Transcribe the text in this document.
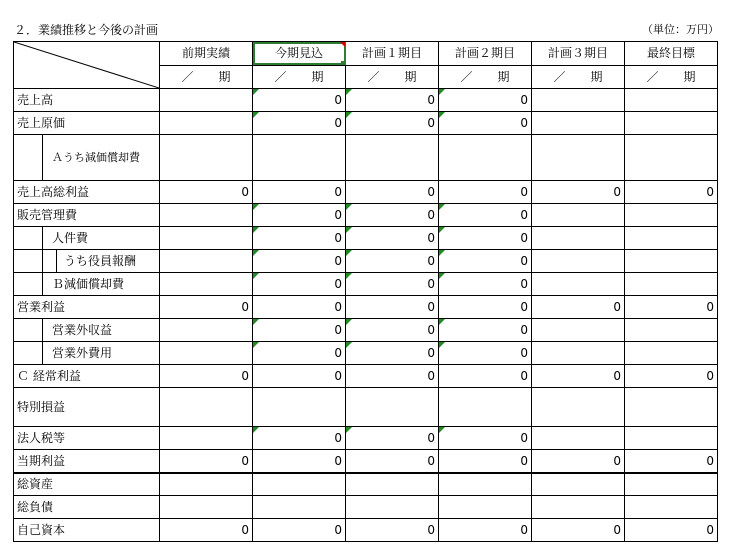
２．業績推移と今後の計画	（単位：万円）
	前期実績	今期見込	計画１期目	計画２期目	計画３期目	最終目標

	／ 期	／ 期	／ 期	／ 期	／ 期	／ 期

売上高		0	0	0

売上原価		0	0	0

Ａうち減価償却費						
売上高総利益	0	0	0	0	0	0
販売管理費		0	0	0

人件費		0	0	0

うち役員報酬		0	0	0

Ｂ減価償却費		0	0	0

営業利益	0	0	0	0	0	0

営業外収益		0	0	0

営業外費用		0	0	0

Ｃ 経常利益	0	0	0	0	0	0
特別損益						
法人税等		0	0	0

当期利益	0	0	0	0	0	0
総資産						
総負債						
自己資本	0	0	0	0	0	0
